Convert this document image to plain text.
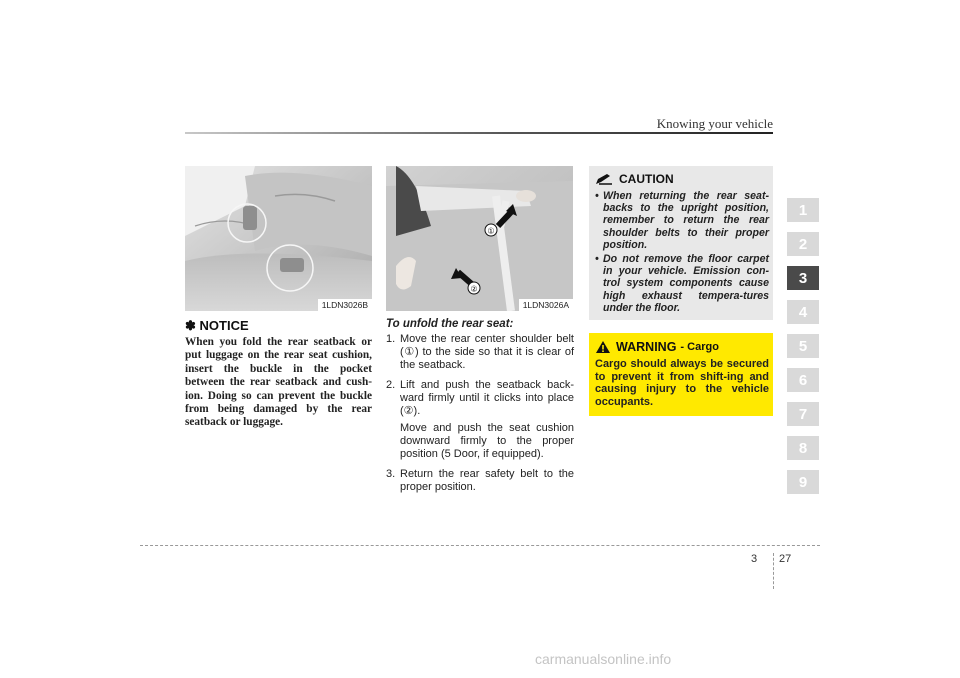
Knowing your vehicle
1
2
3
4
5
6
7
8
9
1LDN3026B
①
②
1LDN3026A
✽ NOTICE
When you fold the rear seatback or put luggage on the rear seat cushion, insert the buckle in the pocket between the rear seatback and cush-ion. Doing so can prevent the buckle from being damaged by the rear seatback or luggage.
To unfold the rear seat:
1. Move the rear center shoulder belt (①) to the side so that it is clear of the seatback.

2. Lift and push the seatback back-ward firmly until it clicks into place (②).

Move and push the seat cushion downward firmly to the proper position (5 Door, if equipped).

3. Return the rear safety belt to the proper position.

CAUTION
• When returning the rear seat-backs to the upright position, remember to return the rear shoulder belts to their proper position.
• Do not remove the floor carpet in your vehicle. Emission con-trol system components cause high exhaust tempera-tures under the floor.
WARNING - Cargo
Cargo should always be secured to prevent it from shift-ing and causing injury to the vehicle occupants.
3 27
carmanualsonline.info
